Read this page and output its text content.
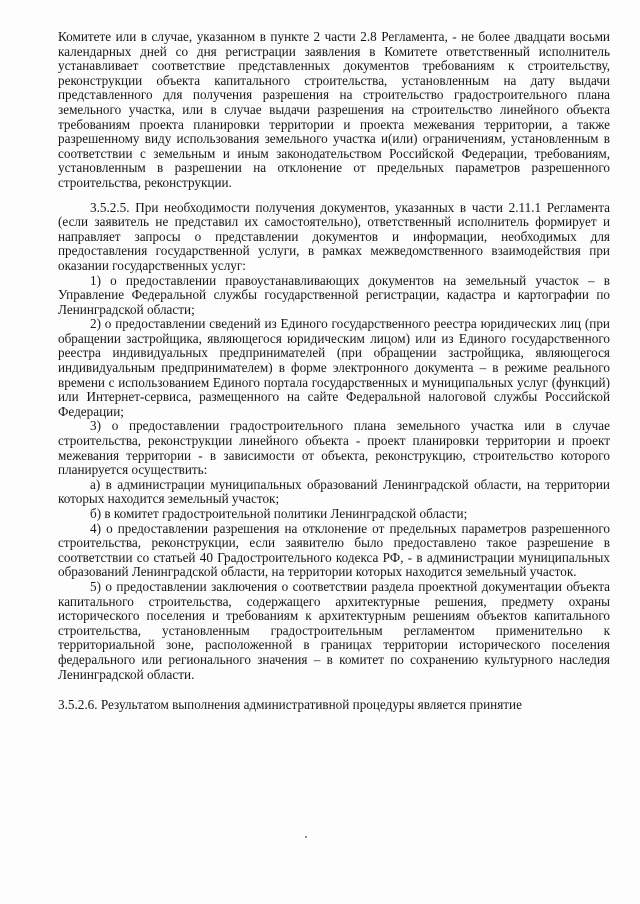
Комитете или в случае, указанном в пункте 2 части 2.8 Регламента, - не более двадцати восьми календарных дней со дня регистрации заявления в Комитете ответственный исполнитель устанавливает соответствие представленных документов требованиям к строительству, реконструкции объекта капитального строительства, установленным на дату выдачи представленного для получения разрешения на строительство градостроительного плана земельного участка, или в случае выдачи разрешения на строительство линейного объекта требованиям проекта планировки территории и проекта межевания территории, а также разрешенному виду использования земельного участка и(или) ограничениям, установленным в соответствии с земельным и иным законодательством Российской Федерации, требованиям, установленным в разрешении на отклонение от предельных параметров разрешенного строительства, реконструкции.

3.5.2.5. При необходимости получения документов, указанных в части 2.11.1 Регламента (если заявитель не представил их самостоятельно), ответственный исполнитель формирует и направляет запросы о представлении документов и информации, необходимых для предоставления государственной услуги, в рамках межведомственного взаимодействия при оказании государственных услуг:

1) о предоставлении правоустанавливающих документов на земельный участок – в Управление Федеральной службы государственной регистрации, кадастра и картографии по Ленинградской области;

2) о предоставлении сведений из Единого государственного реестра юридических лиц (при обращении застройщика, являющегося юридическим лицом) или из Единого государственного реестра индивидуальных предпринимателей (при обращении застройщика, являющегося индивидуальным предпринимателем) в форме электронного документа – в режиме реального времени с использованием Единого портала государственных и муниципальных услуг (функций) или Интернет-сервиса, размещенного на сайте Федеральной налоговой службы Российской Федерации;

3) о предоставлении градостроительного плана земельного участка или в случае строительства, реконструкции линейного объекта - проект планировки территории и проект межевания территории - в зависимости от объекта, реконструкцию, строительство которого планируется осуществить:

а) в администрации муниципальных образований Ленинградской области, на территории которых находится земельный участок;

б) в комитет градостроительной политики Ленинградской области;

4) о предоставлении разрешения на отклонение от предельных параметров разрешенного строительства, реконструкции, если заявителю было предоставлено такое разрешение в соответствии со статьей 40 Градостроительного кодекса РФ, - в администрации муниципальных образований Ленинградской области, на территории которых находится земельный участок.

5) о предоставлении заключения о соответствии раздела проектной документации объекта капитального строительства, содержащего архитектурные решения, предмету охраны исторического поселения и требованиям к архитектурным решениям объектов капитального строительства, установленным градостроительным регламентом применительно к территориальной зоне, расположенной в границах территории исторического поселения федерального или регионального значения – в комитет по сохранению культурного наследия Ленинградской области.

3.5.2.6. Результатом выполнения административной процедуры является принятие
